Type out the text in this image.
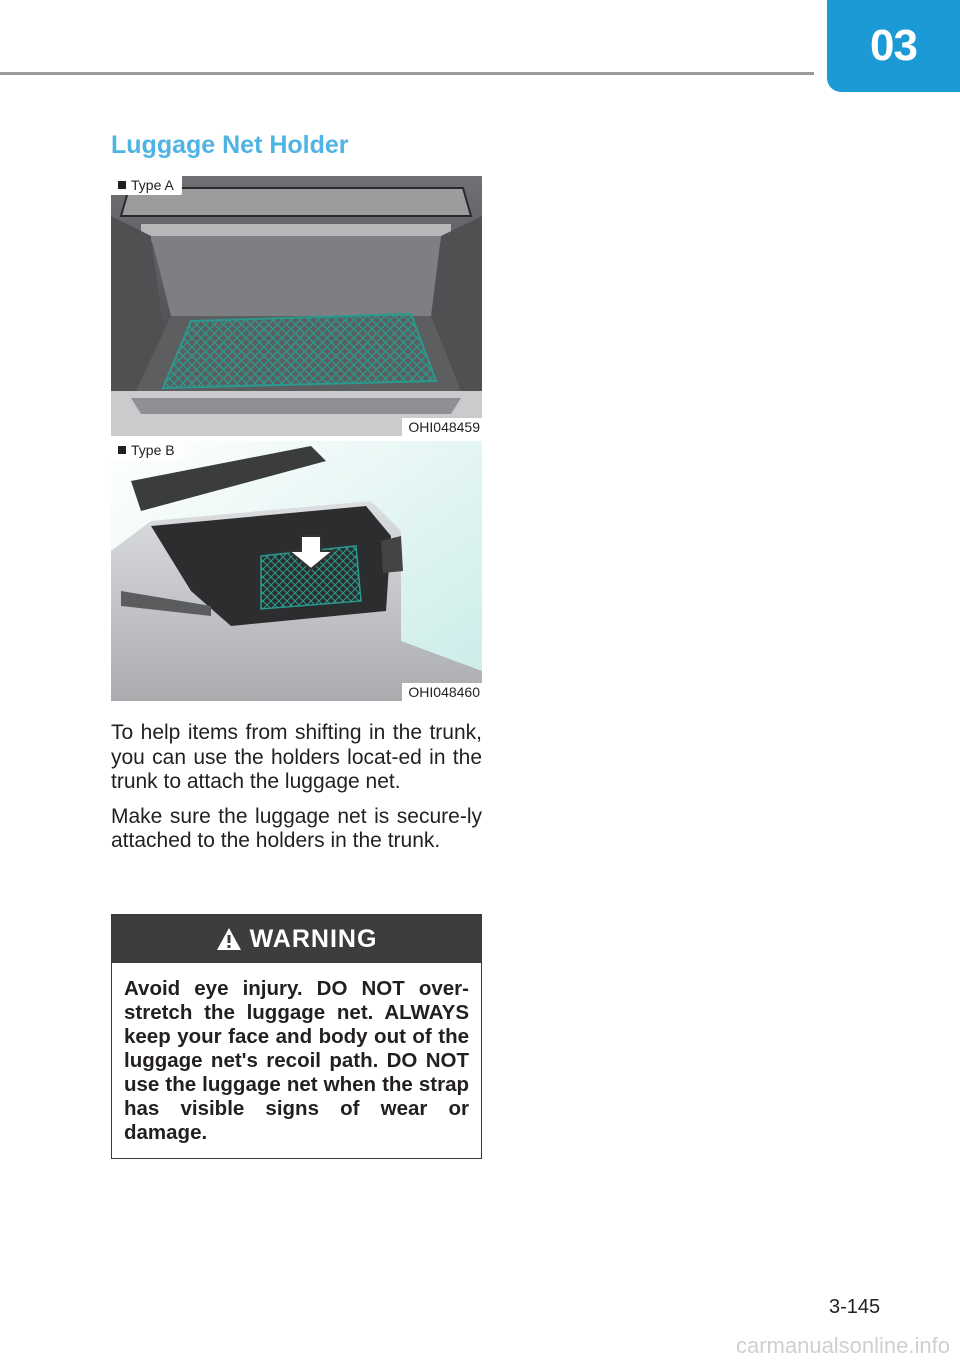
03
Luggage Net Holder
Type A
OHI048459
Type B
OHI048460

To help items from shifting in the trunk, you can use the holders locat-ed in the trunk to attach the luggage net.

Make sure the luggage net is secure-ly attached to the holders in the trunk.

WARNING
Avoid eye injury. DO NOT over-stretch the luggage net. ALWAYS keep your face and body out of the luggage net's recoil path. DO NOT use the luggage net when the strap has visible signs of wear or damage.
3-145
carmanualsonline.info
